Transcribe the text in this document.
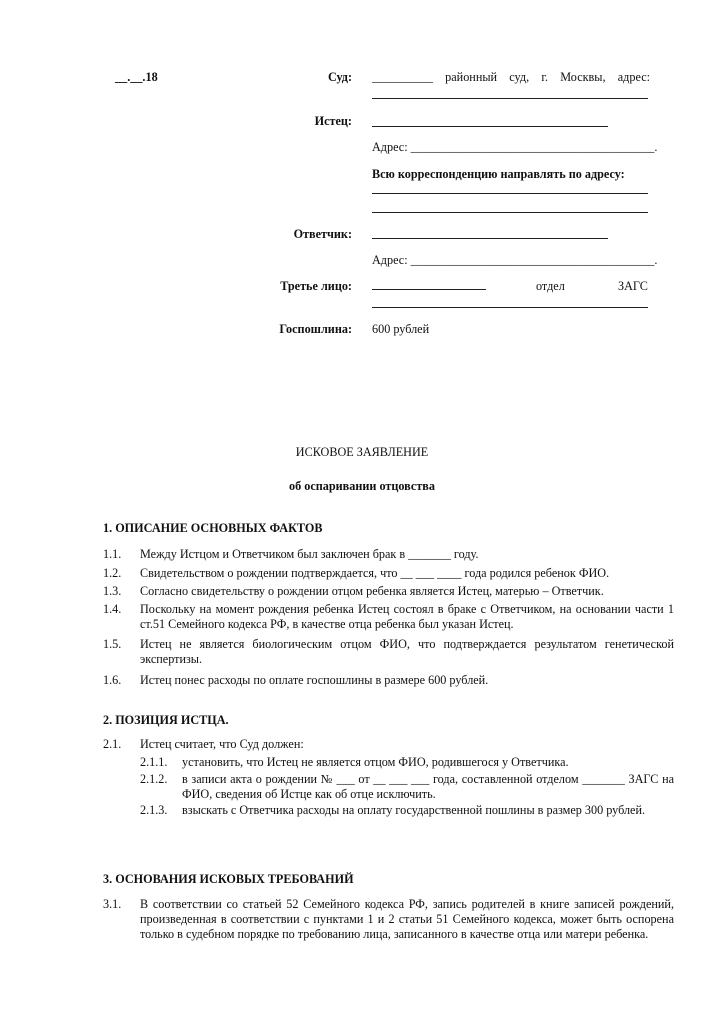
__.__.18	Суд: __________ районный суд, г. Москвы, адрес:
Истец:
Адрес: ________________________________________.
Всю корреспонденцию направлять по адресу:
Ответчик:
Адрес: ________________________________________.
Третье лицо:	отдел	ЗАГС
Госпошлина: 600 рублей
ИСКОВОЕ ЗАЯВЛЕНИЕ
об оспаривании отцовства
1. ОПИСАНИЕ ОСНОВНЫХ ФАКТОВ
1.1. Между Истцом и Ответчиком был заключен брак в _______ году.
1.2. Свидетельством о рождении подтверждается, что __ ___ ____ года родился ребенок ФИО.
1.3. Согласно свидетельству о рождении отцом ребенка является Истец, матерью – Ответчик.
1.4. Поскольку на момент рождения ребенка Истец состоял в браке с Ответчиком, на основании части 1 ст.51 Семейного кодекса РФ, в качестве отца ребенка был указан Истец.
1.5. Истец не является биологическим отцом ФИО, что подтверждается результатом генетической экспертизы.
1.6. Истец понес расходы по оплате госпошлины в размере 600 рублей.
2. ПОЗИЦИЯ ИСТЦА.
2.1. Истец считает, что Суд должен:
2.1.1. установить, что Истец не является отцом ФИО, родившегося у Ответчика.
2.1.2. в записи акта о рождении № ___ от __ ___ ___ года, составленной отделом _______ ЗАГС на ФИО, сведения об Истце как об отце исключить.
2.1.3. взыскать с Ответчика расходы на оплату государственной пошлины в размер 300 рублей.
3. ОСНОВАНИЯ ИСКОВЫХ ТРЕБОВАНИЙ
3.1. В соответствии со статьей 52 Семейного кодекса РФ, запись родителей в книге записей рождений, произведенная в соответствии с пунктами 1 и 2 статьи 51 Семейного кодекса, может быть оспорена только в судебном порядке по требованию лица, записанного в качестве отца или матери ребенка.
